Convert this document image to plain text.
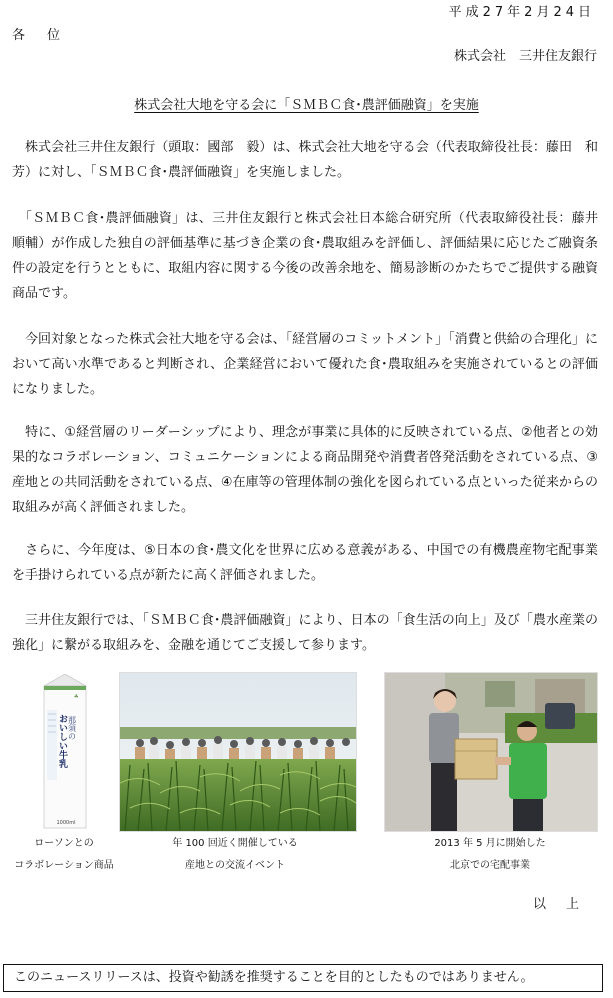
平成27年2月24日
各位
株式会社　三井住友銀行
株式会社大地を守る会に「ＳＭＢＣ食･農評価融資」を実施

　株式会社三井住友銀行（頭取：國部　毅）は、株式会社大地を守る会（代表取締役社長：藤田　和芳）に対し、「ＳＭＢＣ食･農評価融資」を実施しました。

　「ＳＭＢＣ食･農評価融資」は、三井住友銀行と株式会社日本総合研究所（代表取締役社長：藤井　順輔）が作成した独自の評価基準に基づき企業の食･農取組みを評価し、評価結果に応じたご融資条件の設定を行うとともに、取組内容に関する今後の改善余地を、簡易診断のかたちでご提供する融資商品です。

　今回対象となった株式会社大地を守る会は、「経営層のコミットメント」「消費と供給の合理化」において高い水準であると判断され、企業経営において優れた食･農取組みを実施されているとの評価になりました。

　特に、①経営層のリーダーシップにより、理念が事業に具体的に反映されている点、②他者との効果的なコラボレーション、コミュニケーションによる商品開発や消費者啓発活動をされている点、③産地との共同活動をされている点、④在庫等の管理体制の強化を図られている点といった従来からの取組みが高く評価されました。

　さらに、今年度は、⑤日本の食･農文化を世界に広める意義がある、中国での有機農産物宅配事業を手掛けられている点が新たに高く評価されました。

　三井住友銀行では、「ＳＭＢＣ食･農評価融資」により、日本の「食生活の向上」及び「農水産業の強化」に繋がる取組みを、金融を通じてご支援して参ります。

☘
那須の
おいしい牛乳
1000ml
ローソンとの
コラボレーション商品
年 100 回近く開催している
産地との交流イベント
2013 年 5 月に開始した
北京での宅配事業
以上
このニュースリリースは、投資や勧誘を推奨することを目的としたものではありません。
